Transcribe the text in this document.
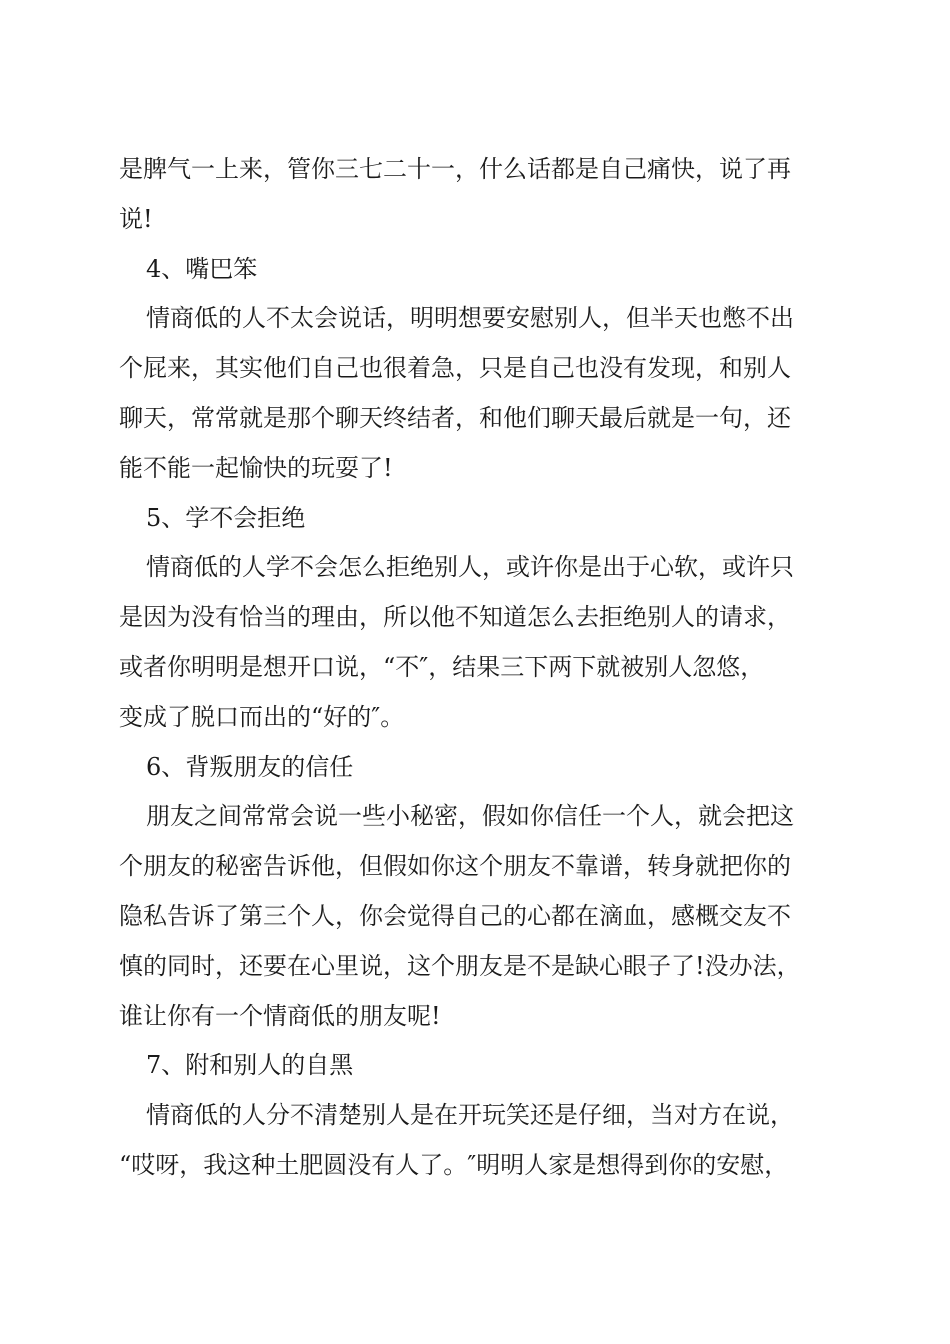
是脾气一上来，管你三七二十一，什么话都是自己痛快，说了再

说!

4、嘴巴笨

情商低的人不太会说话，明明想要安慰别人，但半天也憋不出

个屁来，其实他们自己也很着急，只是自己也没有发现，和别人

聊天，常常就是那个聊天终结者，和他们聊天最后就是一句，还

能不能一起愉快的玩耍了!

5、学不会拒绝

情商低的人学不会怎么拒绝别人，或许你是出于心软，或许只

是因为没有恰当的理由，所以他不知道怎么去拒绝别人的请求，

或者你明明是想开口说，“不″，结果三下两下就被别人忽悠，

变成了脱口而出的“好的″。

6、背叛朋友的信任

朋友之间常常会说一些小秘密，假如你信任一个人，就会把这

个朋友的秘密告诉他，但假如你这个朋友不靠谱，转身就把你的

隐私告诉了第三个人，你会觉得自己的心都在滴血，感概交友不

慎的同时，还要在心里说，这个朋友是不是缺心眼子了!没办法，

谁让你有一个情商低的朋友呢!

7、附和别人的自黑

情商低的人分不清楚别人是在开玩笑还是仔细，当对方在说，

“哎呀，我这种土肥圆没有人了。″明明人家是想得到你的安慰，
